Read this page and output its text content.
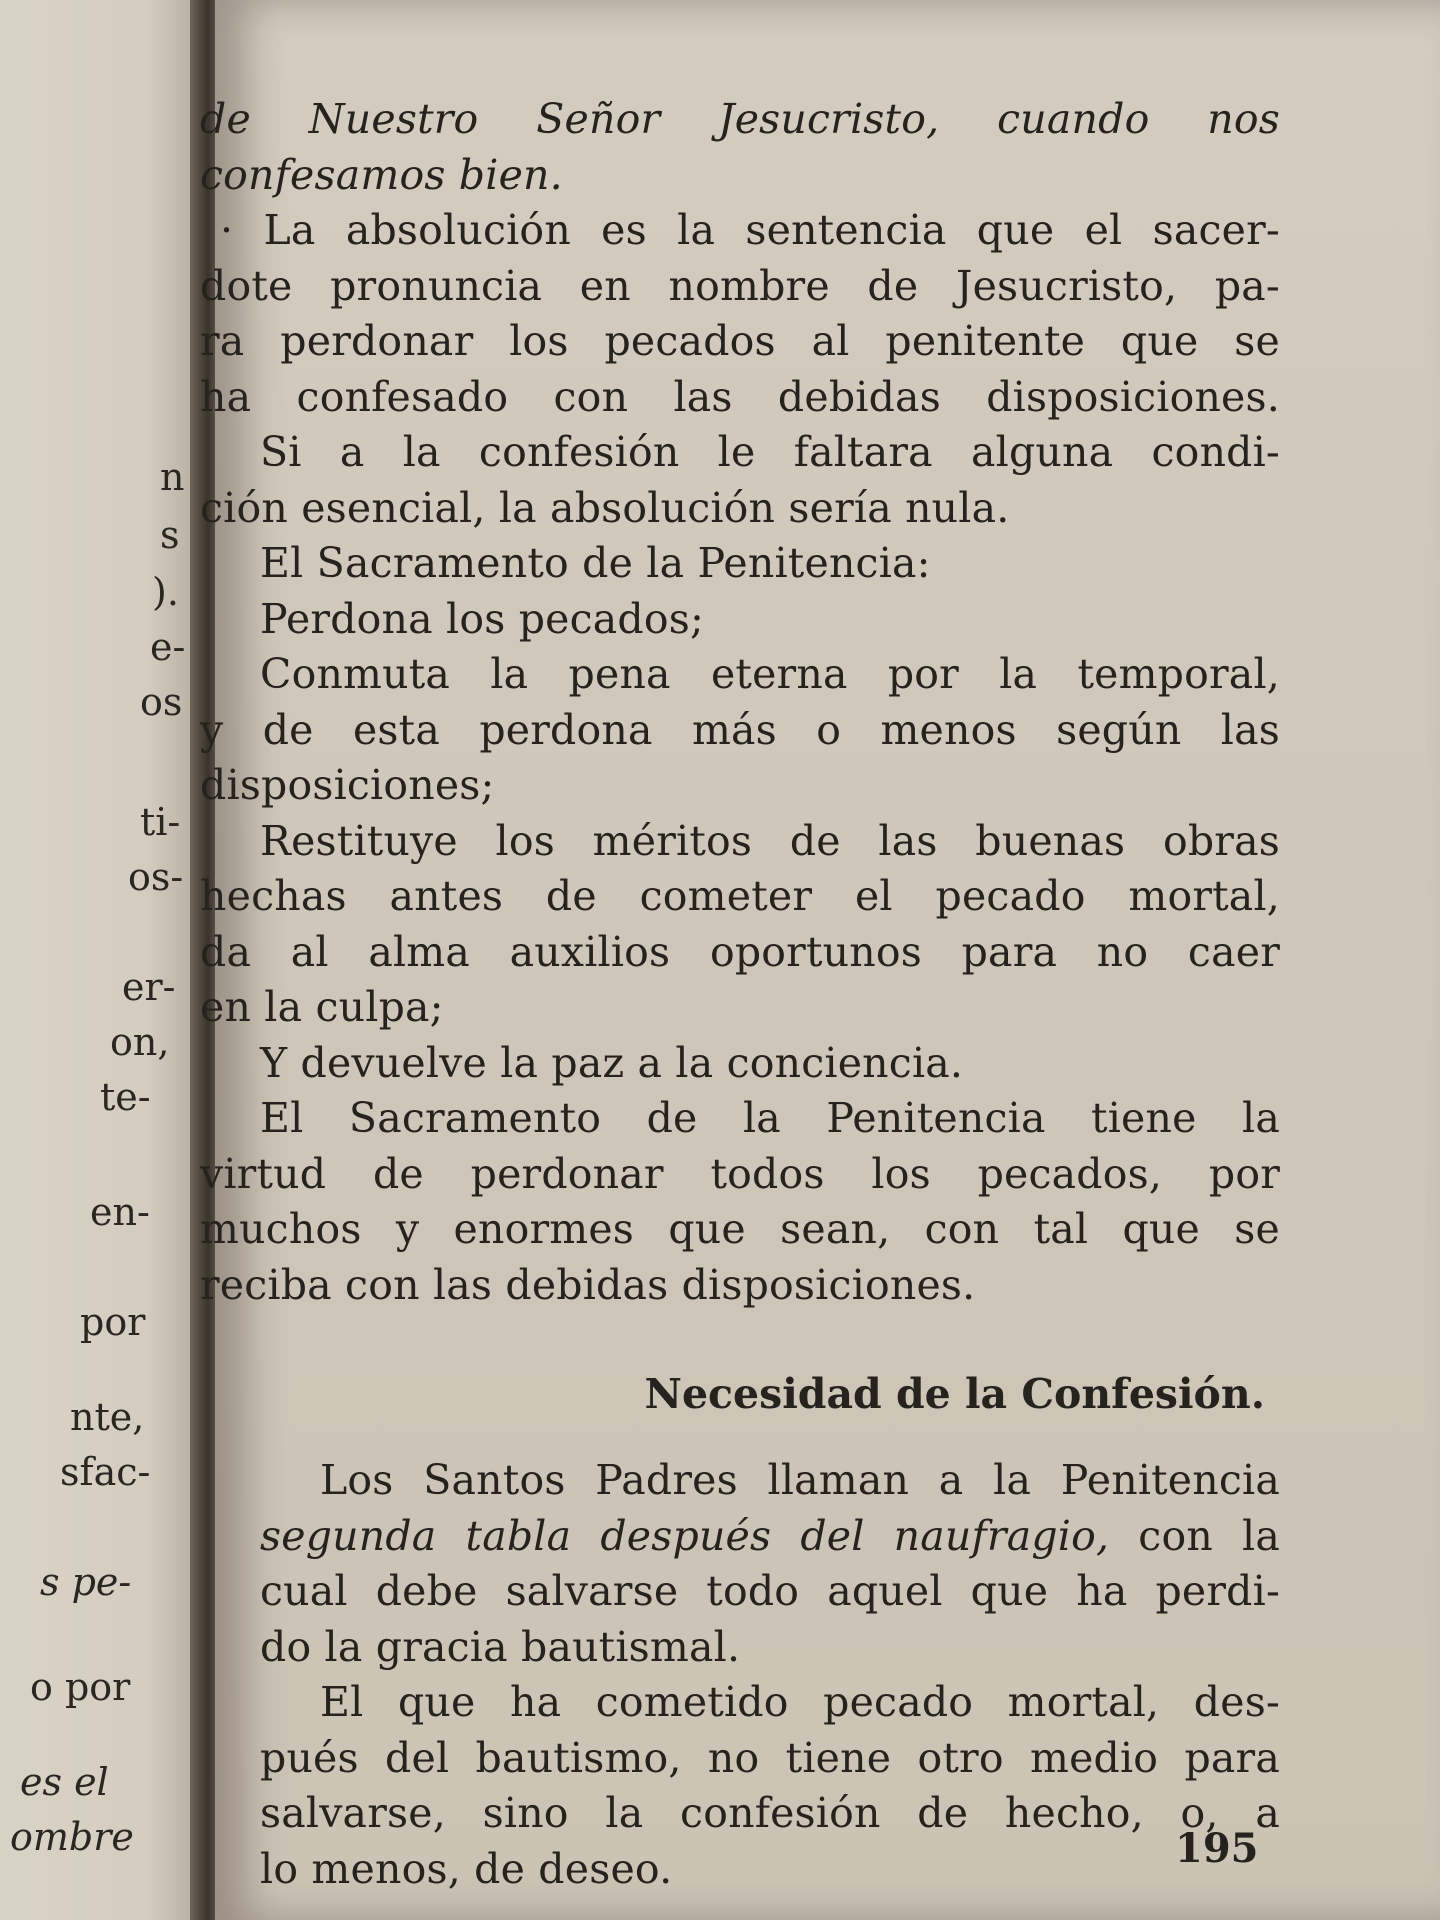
n
s
).
e-
os
ti-
os-
er-
on,
te-
en-
por
nte,
sfac-
s pe-
o por
es el
ombre
de Nuestro Señor Jesucristo, cuando nos
confesamos bien.
· La absolución es la sentencia que el sacer-
dote pronuncia en nombre de Jesucristo, pa-
ra perdonar los pecados al penitente que se
ha confesado con las debidas disposiciones.
Si a la confesión le faltara alguna condi-
ción esencial, la absolución sería nula.
El Sacramento de la Penitencia:
Perdona los pecados;
Conmuta la pena eterna por la temporal,
y de esta perdona más o menos según las
disposiciones;
Restituye los méritos de las buenas obras
hechas antes de cometer el pecado mortal,
da al alma auxilios oportunos para no caer
en la culpa;
Y devuelve la paz a la conciencia.
El Sacramento de la Penitencia tiene la
virtud de perdonar todos los pecados, por
muchos y enormes que sean, con tal que se
reciba con las debidas disposiciones.
Necesidad de la Confesión.
Los Santos Padres llaman a la Penitencia
segunda tabla después del naufragio, con la
cual debe salvarse todo aquel que ha perdi-
do la gracia bautismal.
El que ha cometido pecado mortal, des-
pués del bautismo, no tiene otro medio para
salvarse, sino la confesión de hecho, o, a
lo menos, de deseo.	195
